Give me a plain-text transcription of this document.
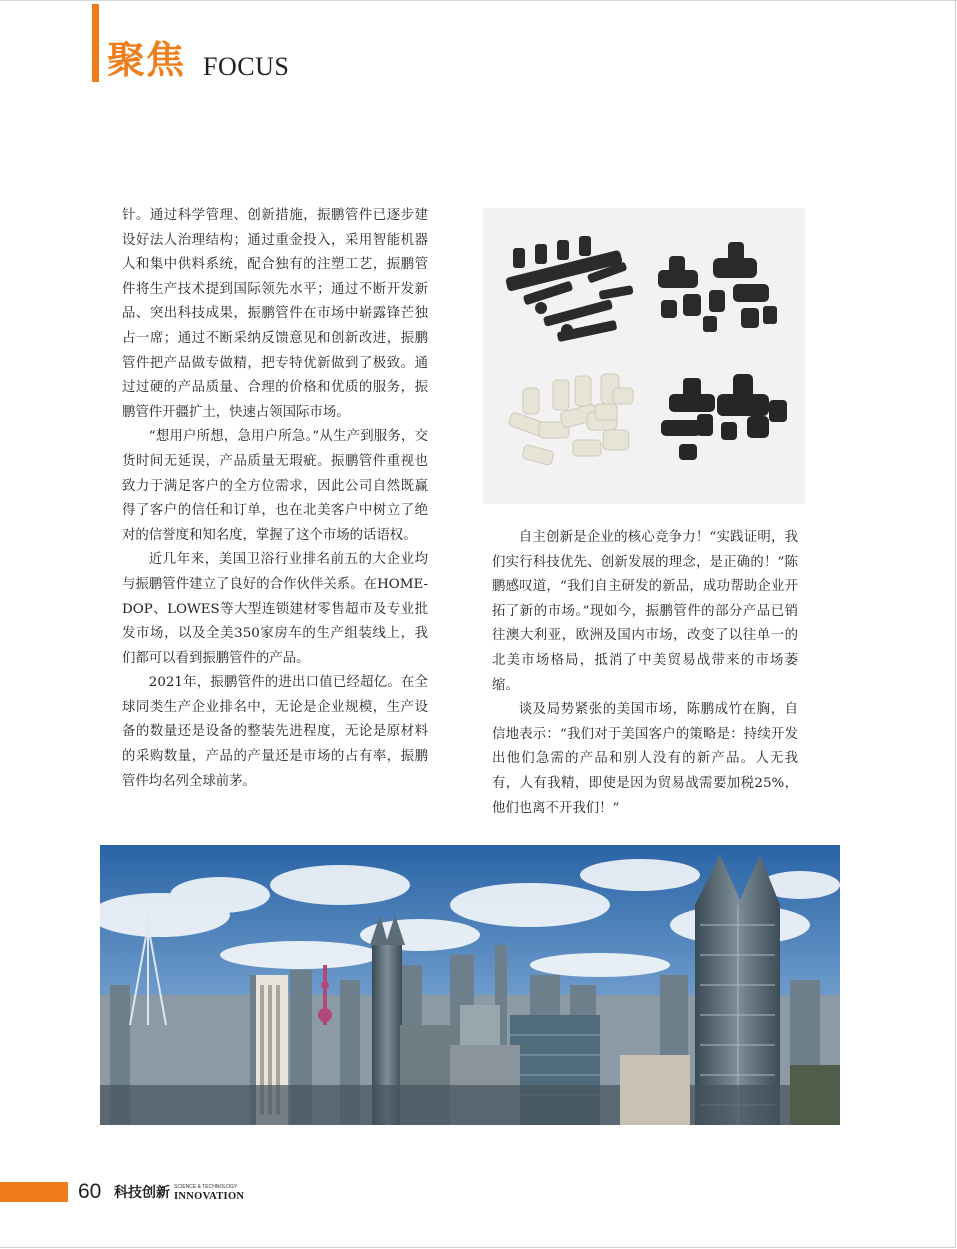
聚焦 FOCUS

针。通过科学管理、创新措施，振鹏管件已逐步建设好法人治理结构；通过重金投入，采用智能机器人和集中供料系统，配合独有的注塑工艺，振鹏管件将生产技术提到国际领先水平；通过不断开发新品、突出科技成果，振鹏管件在市场中崭露锋芒独占一席；通过不断采纳反馈意见和创新改进，振鹏管件把产品做专做精，把专特优新做到了极致。通过过硬的产品质量、合理的价格和优质的服务，振鹏管件开疆扩土，快速占领国际市场。

“想用户所想，急用户所急。”从生产到服务，交货时间无延误，产品质量无瑕疵。振鹏管件重视也致力于满足客户的全方位需求，因此公司自然既赢得了客户的信任和订单，也在北美客户中树立了绝对的信誉度和知名度，掌握了这个市场的话语权。

近几年来，美国卫浴行业排名前五的大企业均与振鹏管件建立了良好的合作伙伴关系。在HOME-DOP、LOWES等大型连锁建材零售超市及专业批发市场，以及全美350家房车的生产组装线上，我们都可以看到振鹏管件的产品。

2021年，振鹏管件的进出口值已经超亿。在全球同类生产企业排名中，无论是企业规模，生产设备的数量还是设备的整装先进程度，无论是原材料的采购数量，产品的产量还是市场的占有率，振鹏管件均名列全球前茅。

自主创新是企业的核心竞争力！“实践证明，我们实行科技优先、创新发展的理念，是正确的！”陈鹏感叹道，“我们自主研发的新品，成功帮助企业开拓了新的市场。”现如今，振鹏管件的部分产品已销往澳大利亚，欧洲及国内市场，改变了以往单一的北美市场格局，抵消了中美贸易战带来的市场萎缩。

谈及局势紧张的美国市场，陈鹏成竹在胸，自信地表示：“我们对于美国客户的策略是：持续开发出他们急需的产品和别人没有的新产品。人无我有，人有我精，即使是因为贸易战需要加税25%，他们也离不开我们！”

60 科技创新 SCIENCE & TECHNOLOGY
INNOVATION
